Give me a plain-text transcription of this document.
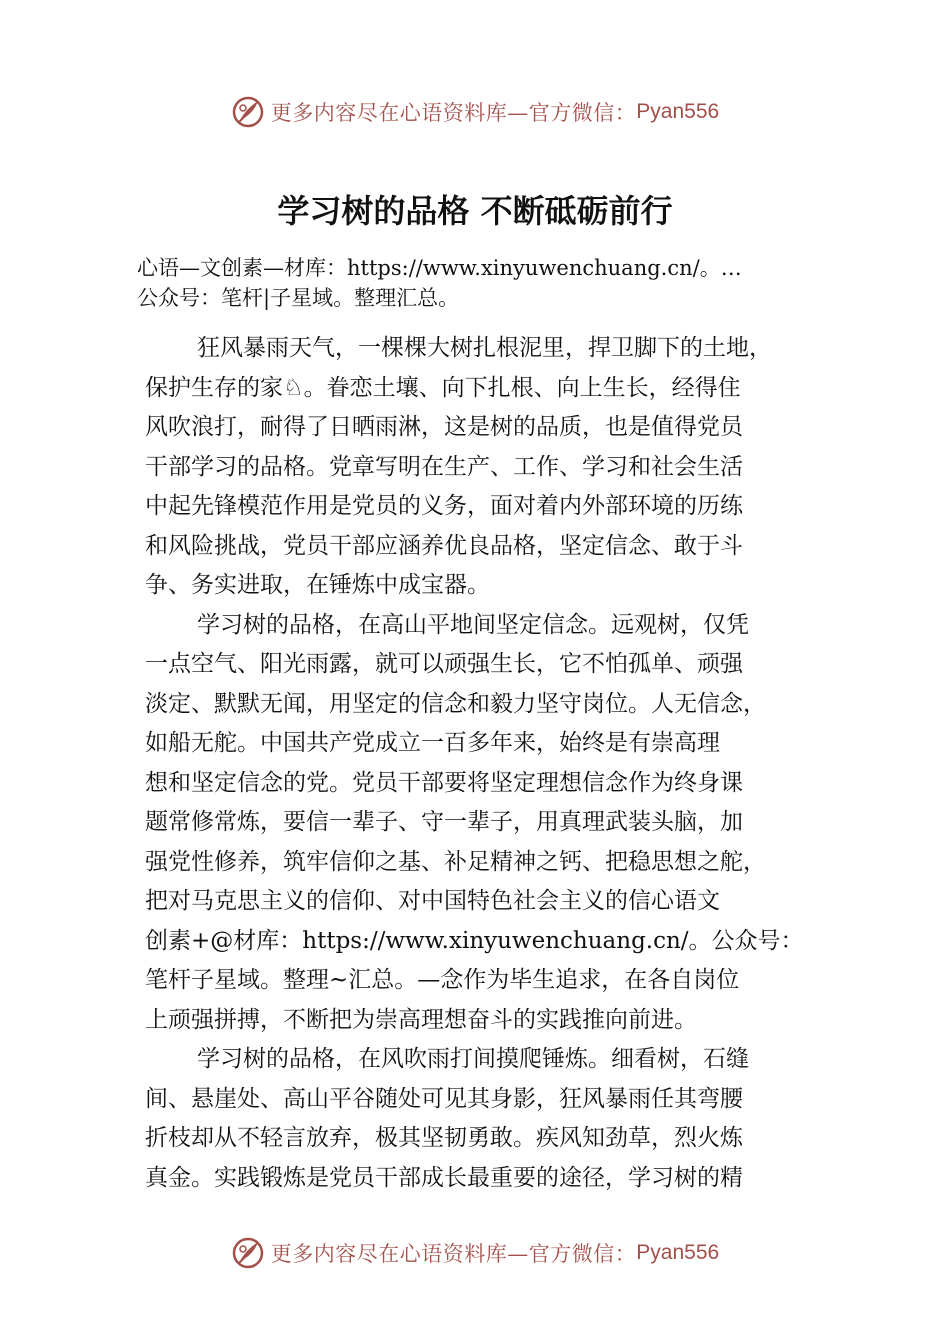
更多内容尽在心语资料库—官方微信： Pyan556
学习树的品格 不断砥砺前行
心语—文创素—材库：https://www.xinyuwenchuang.cn/。…
公众号：笔杆|子星域。整理汇总。
狂风暴雨天气，一棵棵大树扎根泥里，捍卫脚下的土地，
保护生存的家♘。眷恋土壤、向下扎根、向上生长，经得住
风吹浪打，耐得了日晒雨淋，这是树的品质，也是值得党员
干部学习的品格。党章写明在生产、工作、学习和社会生活
中起先锋模范作用是党员的义务，面对着内外部环境的历练
和风险挑战，党员干部应涵养优良品格，坚定信念、敢于斗
争、务实进取，在锤炼中成宝器。
学习树的品格，在高山平地间坚定信念。远观树，仅凭
一点空气、阳光雨露，就可以顽强生长，它不怕孤单、顽强
淡定、默默无闻，用坚定的信念和毅力坚守岗位。人无信念，
如船无舵。中国共产党成立一百多年来，始终是有崇高理
想和坚定信念的党。党员干部要将坚定理想信念作为终身课
题常修常炼，要信一辈子、守一辈子，用真理武装头脑，加
强党性修养，筑牢信仰之基、补足精神之钙、把稳思想之舵，
把对马克思主义的信仰、对中国特色社会主义的信心语文
创素+@材库：https://www.xinyuwenchuang.cn/。公众号：
笔杆子星域。整理~汇总。—念作为毕生追求，在各自岗位
上顽强拼搏，不断把为崇高理想奋斗的实践推向前进。
学习树的品格，在风吹雨打间摸爬锤炼。细看树，石缝
间、悬崖处、高山平谷随处可见其身影，狂风暴雨任其弯腰
折枝却从不轻言放弃，极其坚韧勇敢。疾风知劲草，烈火炼
真金。实践锻炼是党员干部成长最重要的途径，学习树的精
更多内容尽在心语资料库—官方微信： Pyan556
